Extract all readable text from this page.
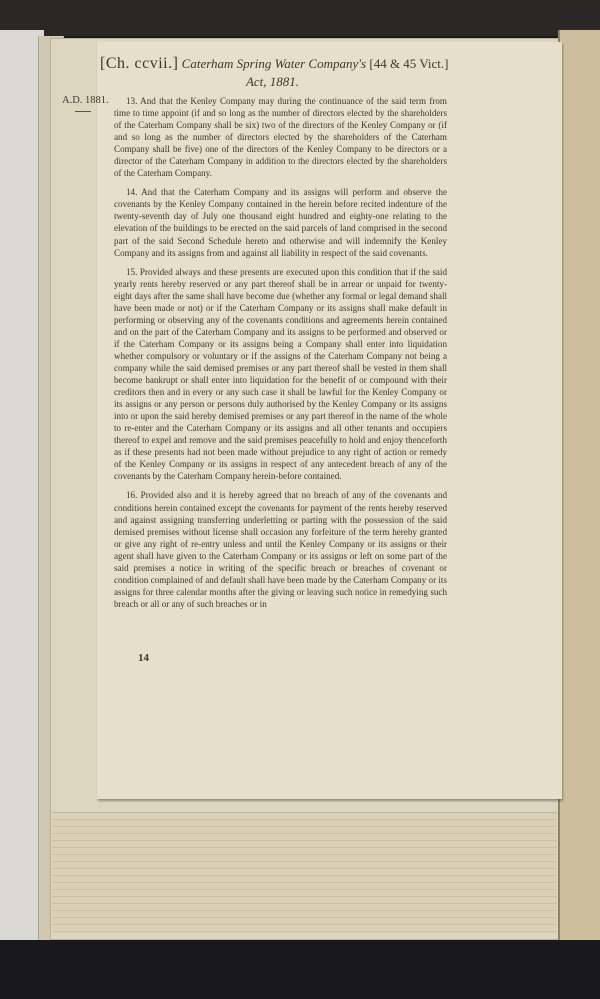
[Ch. ccvii.] Caterham Spring Water Company's [44 & 45 Vict.]
Act, 1881.
A.D. 1881.	13. And that the Kenley Company may during the continuance of the said term from time to time appoint (if and so long as the number of directors elected by the shareholders of the Caterham Company shall be six) two of the directors of the Kenley Company or (if and so long as the number of directors elected by the shareholders of the Caterham Company shall be five) one of the directors of the Kenley Company to be directors or a director of the Caterham Company in addition to the directors elected by the shareholders of the Caterham Company.

14. And that the Caterham Company and its assigns will perform and observe the covenants by the Kenley Company contained in the herein before recited indenture of the twenty-seventh day of July one thousand eight hundred and eighty-one relating to the elevation of the buildings to be erected on the said parcels of land comprised in the second part of the said Second Schedule hereto and otherwise and will indemnify the Kenley Company and its assigns from and against all liability in respect of the said covenants.

15. Provided always and these presents are executed upon this condition that if the said yearly rents hereby reserved or any part thereof shall be in arrear or unpaid for twenty-eight days after the same shall have become due (whether any formal or legal demand shall have been made or not) or if the Caterham Company or its assigns shall make default in performing or observing any of the covenants conditions and agreements herein contained and on the part of the Caterham Company and its assigns to be performed and observed or if the Caterham Company or its assigns being a Company shall enter into liquidation whether compulsory or voluntary or if the assigns of the Caterham Company not being a company while the said demised premises or any part thereof shall be vested in them shall become bankrupt or shall enter into liquidation for the benefit of or compound with their creditors then and in every or any such case it shall be lawful for the Kenley Company or its assigns or any person or persons duly authorised by the Kenley Company or its assigns into or upon the said hereby demised premises or any part thereof in the name of the whole to re-enter and the Caterham Company or its assigns and all other tenants and occupiers thereof to expel and remove and the said premises peacefully to hold and enjoy thenceforth as if these presents had not been made without prejudice to any right of action or remedy of the Kenley Company or its assigns in respect of any antecedent breach of any of the covenants by the Caterham Company herein-before contained.

16. Provided also and it is hereby agreed that no breach of any of the covenants and conditions herein contained except the covenants for payment of the rents hereby reserved and against assigning transferring underletting or parting with the possession of the said demised premises without license shall occasion any forfeiture of the term hereby granted or give any right of re-entry unless and until the Kenley Company or its assigns or their agent shall have given to the Caterham Company or its assigns or left on some part of the said premises a notice in writing of the specific breach or breaches of covenant or condition complained of and default shall have been made by the Caterham Company or its assigns for three calendar months after the giving or leaving such notice in remedying such breach or all or any of such breaches or in

14
